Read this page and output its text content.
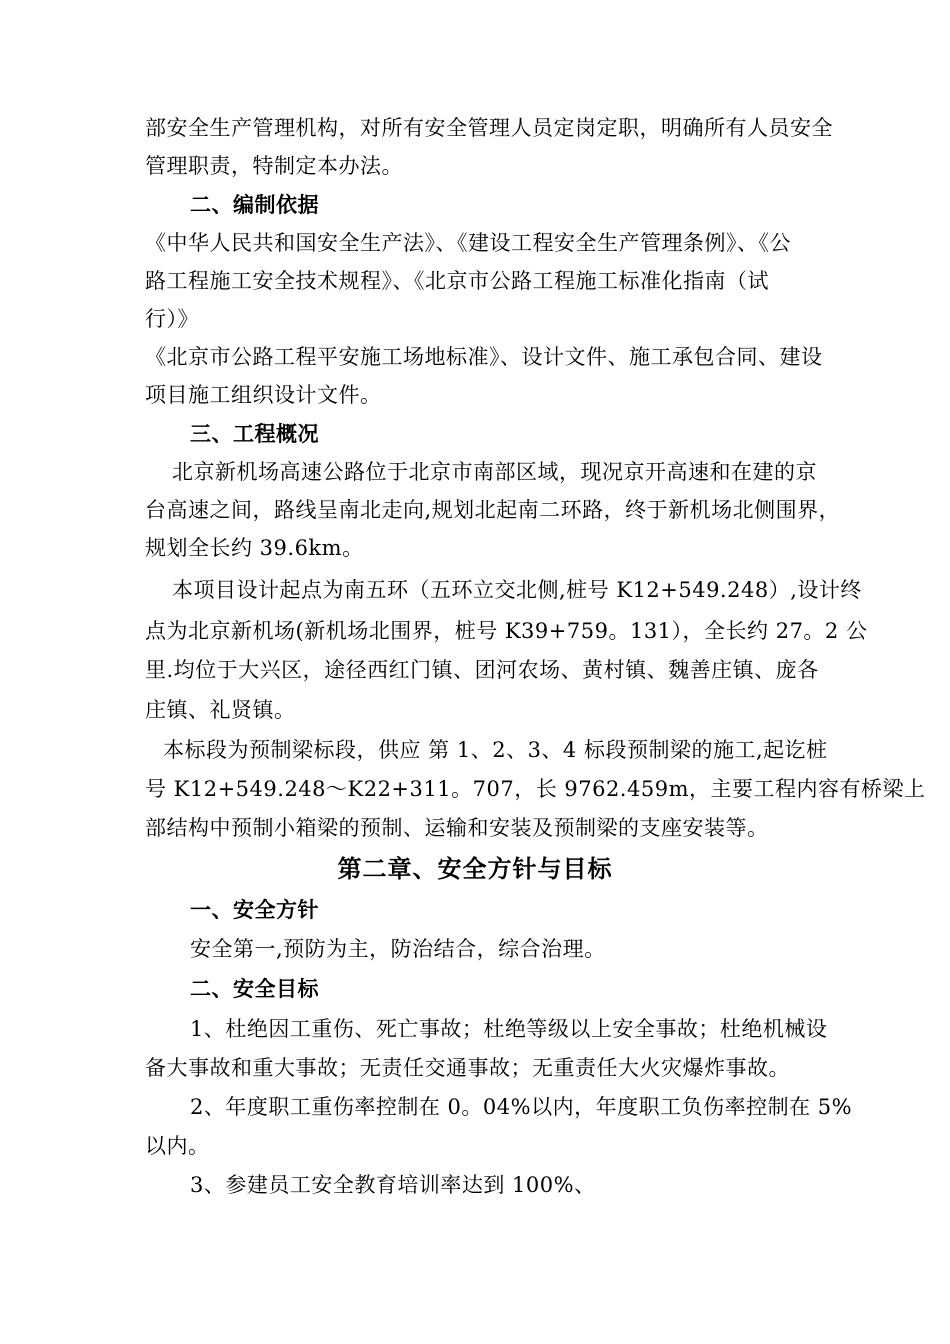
部安全生产管理机构，对所有安全管理人员定岗定职，明确所有人员安全
管理职责，特制定本办法。
二、编制依据
《中华人民共和国安全生产法》、《建设工程安全生产管理条例》、《公
路工程施工安全技术规程》、《北京市公路工程施工标准化指南（试
行）》
《北京市公路工程平安施工场地标准》、设计文件、施工承包合同、建设
项目施工组织设计文件。
三、工程概况
北京新机场高速公路位于北京市南部区域，现况京开高速和在建的京
台高速之间，路线呈南北走向,规划北起南二环路，终于新机场北侧围界，
规划全长约 39.6km。
本项目设计起点为南五环（五环立交北侧,桩号 K12+549.248）,设计终
点为北京新机场(新机场北围界，桩号 K39+759。131），全长约 27。2 公
里.均位于大兴区，途径西红门镇、团河农场、黄村镇、魏善庄镇、庞各
庄镇、礼贤镇。
本标段为预制梁标段，供应 第 1、2、3、4 标段预制梁的施工,起讫桩
号 K12+549.248～K22+311。707，长 9762.459m，主要工程内容有桥梁上
部结构中预制小箱梁的预制、运输和安装及预制梁的支座安装等。
第二章、安全方针与目标
一、安全方针
安全第一,预防为主，防治结合，综合治理。
二、安全目标
1、杜绝因工重伤、死亡事故；杜绝等级以上安全事故；杜绝机械设
备大事故和重大事故；无责任交通事故；无重责任大火灾爆炸事故。
2、年度职工重伤率控制在 0。04%以内，年度职工负伤率控制在 5%
以内。
3、参建员工安全教育培训率达到 100%、
